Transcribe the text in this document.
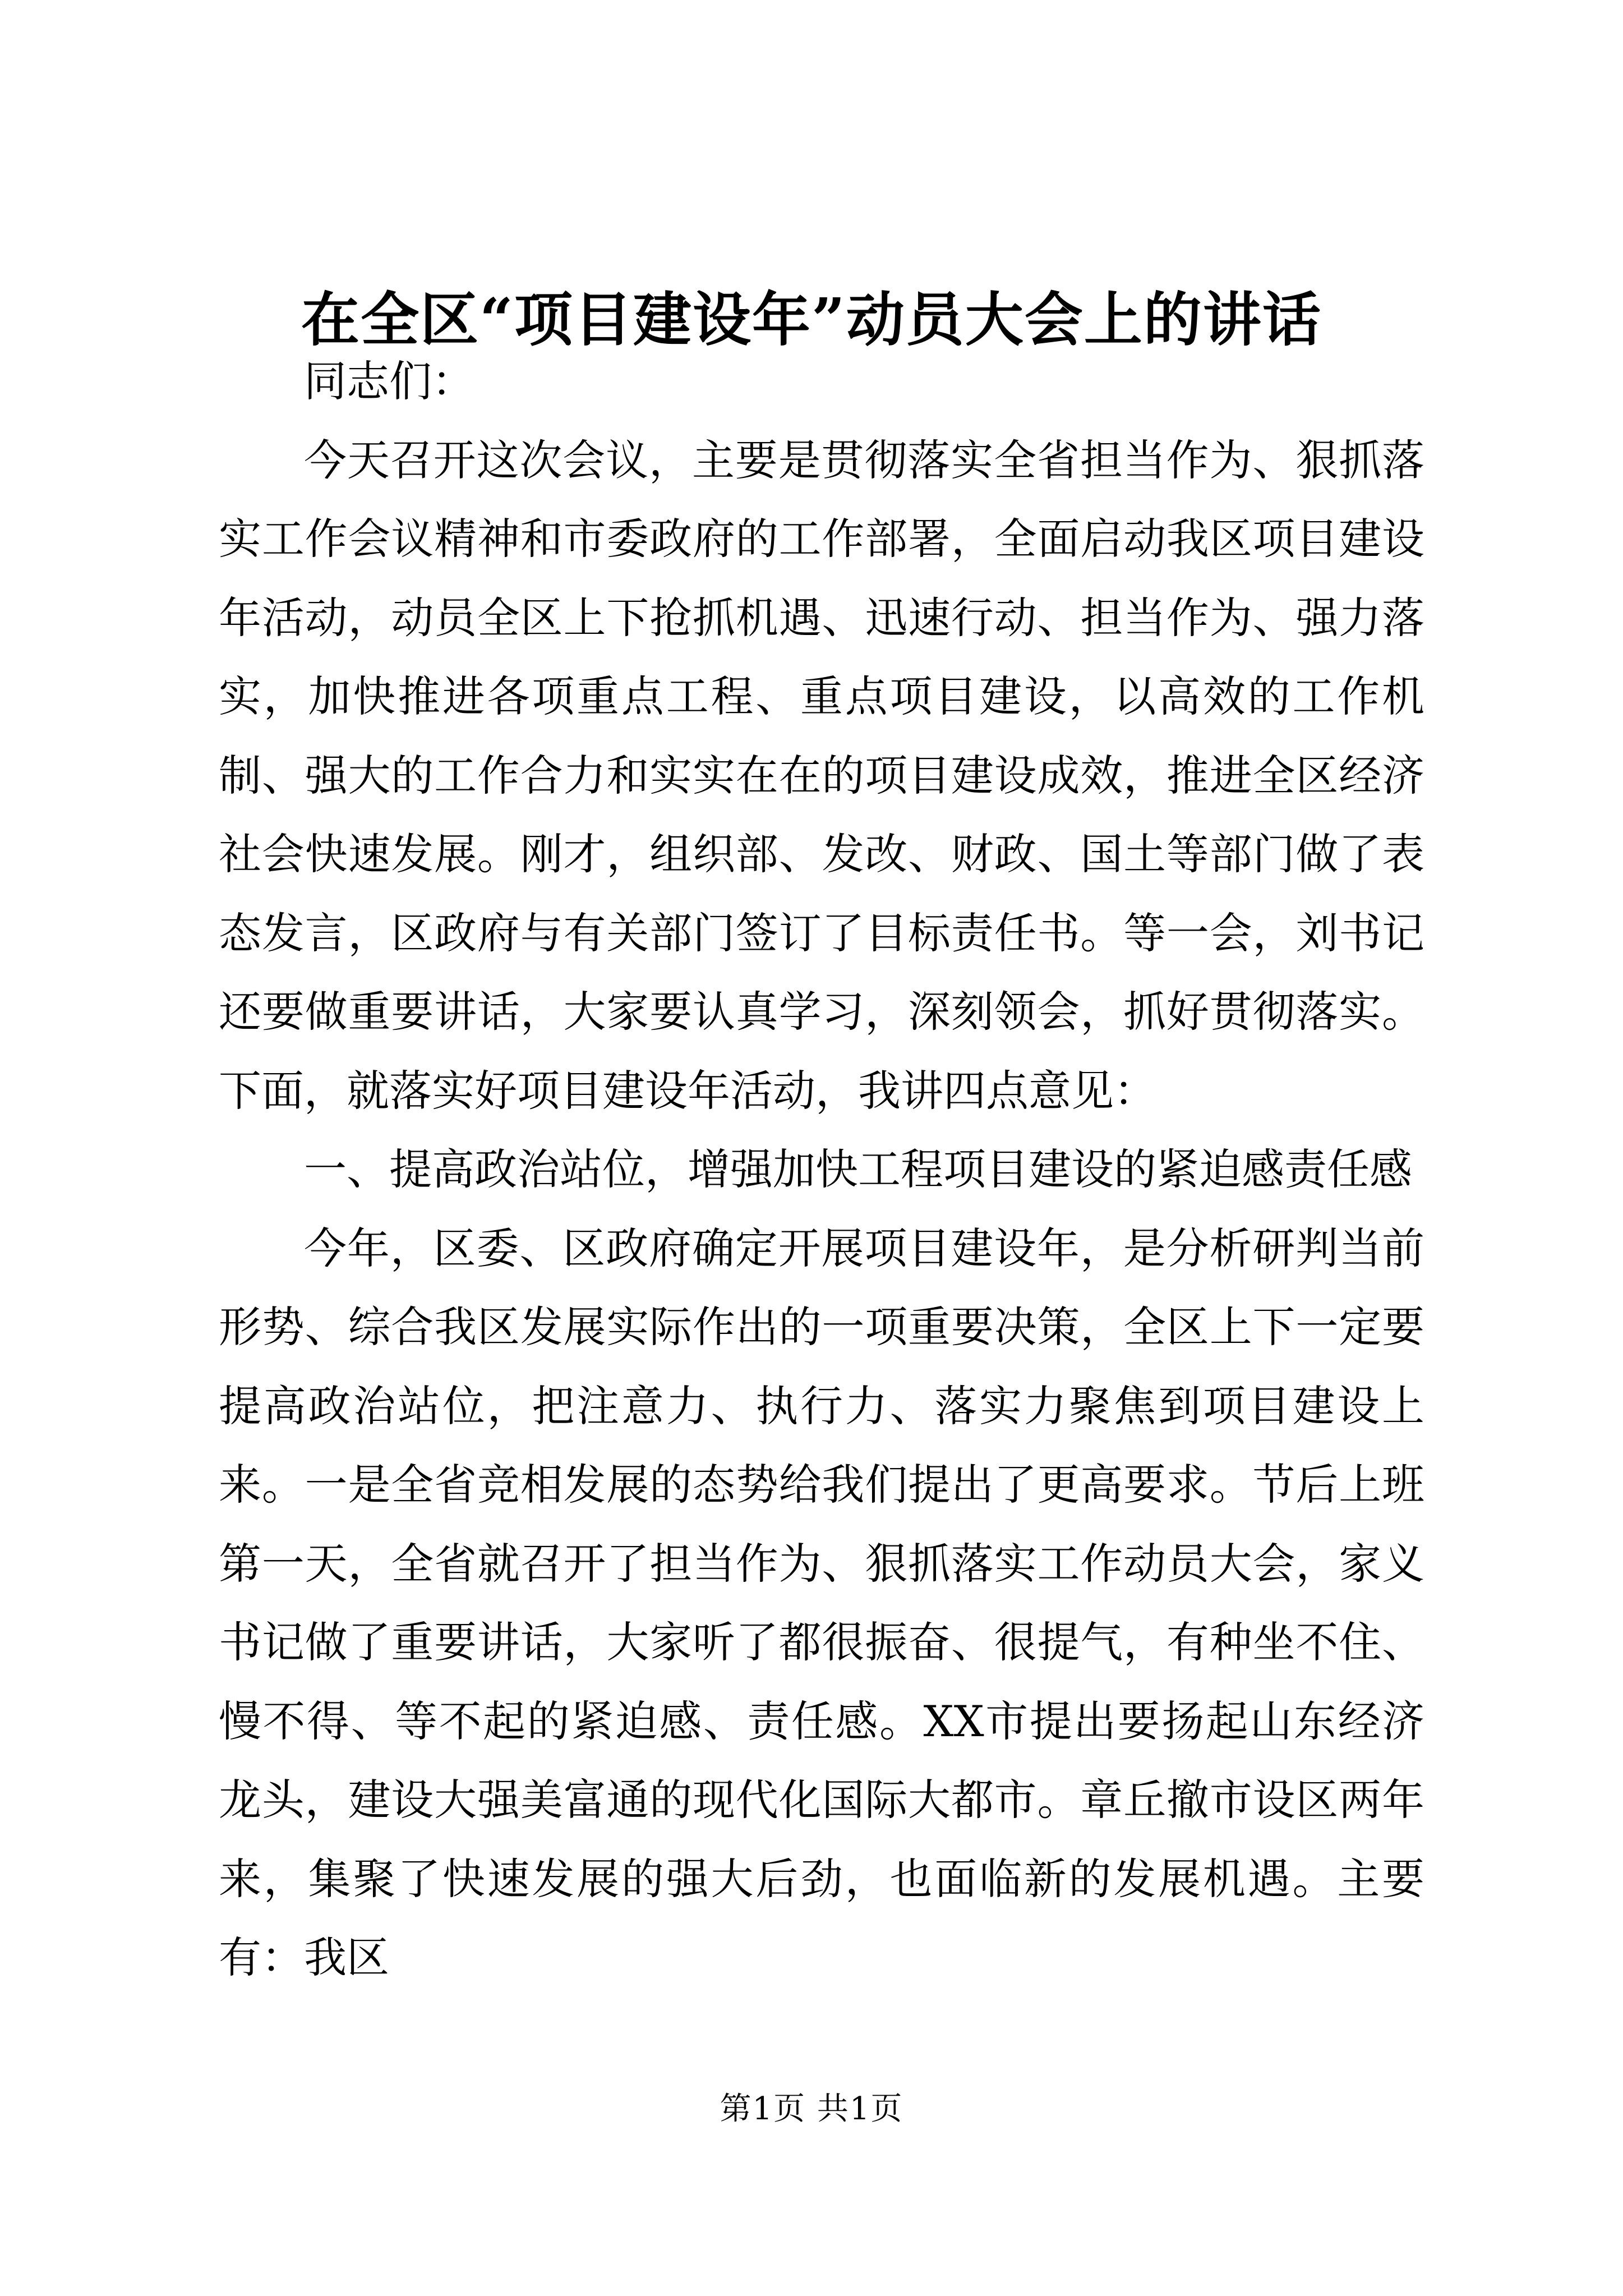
在全区“项目建设年”动员大会上的讲话

同志们：

今天召开这次会议，主要是贯彻落实全省担当作为、狠抓落实工作会议精神和市委政府的工作部署，全面启动我区项目建设年活动，动员全区上下抢抓机遇、迅速行动、担当作为、强力落实，加快推进各项重点工程、重点项目建设，以高效的工作机制、强大的工作合力和实实在在的项目建设成效，推进全区经济社会快速发展。刚才，组织部、发改、财政、国土等部门做了表态发言，区政府与有关部门签订了目标责任书。等一会，刘书记还要做重要讲话，大家要认真学习，深刻领会，抓好贯彻落实。下面，就落实好项目建设年活动，我讲四点意见：

一、提高政治站位，增强加快工程项目建设的紧迫感责任感

今年，区委、区政府确定开展项目建设年，是分析研判当前形势、综合我区发展实际作出的一项重要决策，全区上下一定要提高政治站位，把注意力、执行力、落实力聚焦到项目建设上来。一是全省竞相发展的态势给我们提出了更高要求。节后上班第一天，全省就召开了担当作为、狠抓落实工作动员大会，家义书记做了重要讲话，大家听了都很振奋、很提气，有种坐不住、慢不得、等不起的紧迫感、责任感。XX市提出要扬起山东经济龙头，建设大强美富通的现代化国际大都市。章丘撤市设区两年来，集聚了快速发展的强大后劲，也面临新的发展机遇。主要有：我区

第1页 共1页
